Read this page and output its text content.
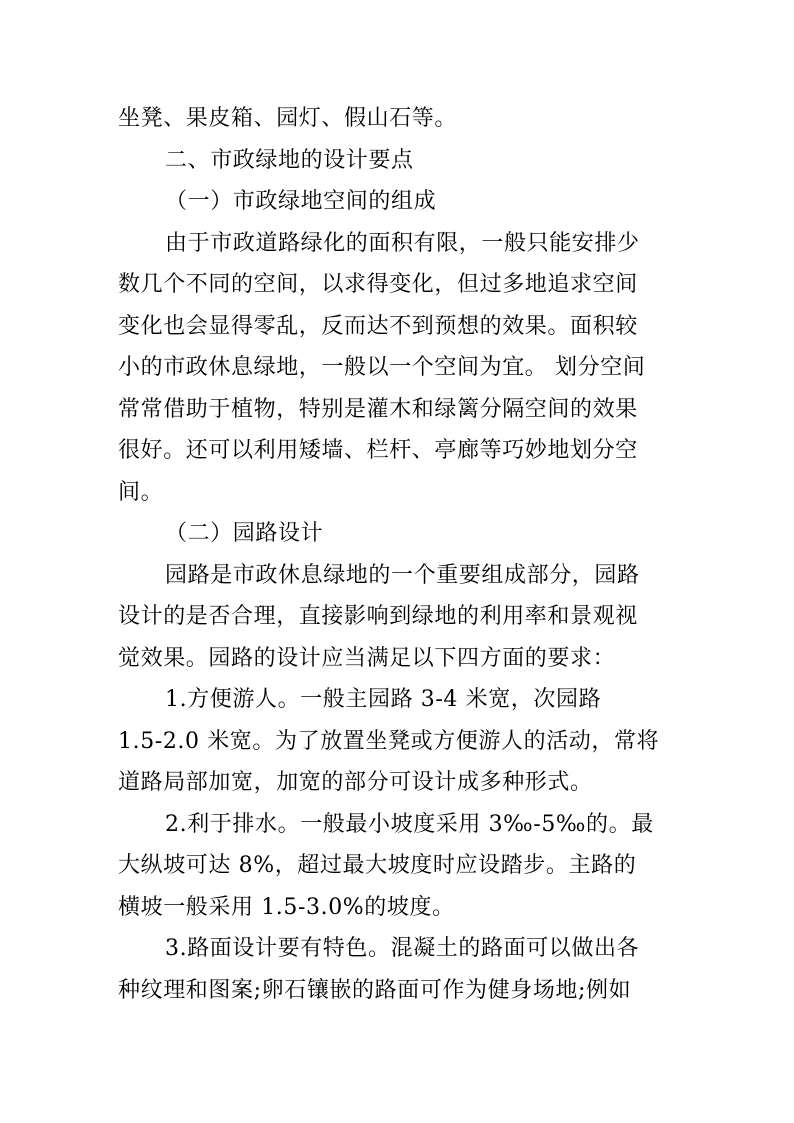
坐凳、果皮箱、园灯、假山石等。
二、市政绿地的设计要点
（一）市政绿地空间的组成
由于市政道路绿化的面积有限，一般只能安排少
数几个不同的空间，以求得变化，但过多地追求空间
变化也会显得零乱，反而达不到预想的效果。面积较
小的市政休息绿地，一般以一个空间为宜。 划分空间
常常借助于植物，特别是灌木和绿篱分隔空间的效果
很好。还可以利用矮墙、栏杆、亭廊等巧妙地划分空
间。
（二）园路设计
园路是市政休息绿地的一个重要组成部分，园路
设计的是否合理，直接影响到绿地的利用率和景观视
觉效果。园路的设计应当满足以下四方面的要求：
1.方便游人。一般主园路 3-4 米宽，次园路
1.5-2.0 米宽。为了放置坐凳或方便游人的活动，常将
道路局部加宽，加宽的部分可设计成多种形式。
2.利于排水。一般最小坡度采用 3‰-5‰的。最
大纵坡可达 8%，超过最大坡度时应设踏步。主路的
横坡一般采用 1.5-3.0%的坡度。
3.路面设计要有特色。混凝土的路面可以做出各
种纹理和图案;卵石镶嵌的路面可作为健身场地;例如
